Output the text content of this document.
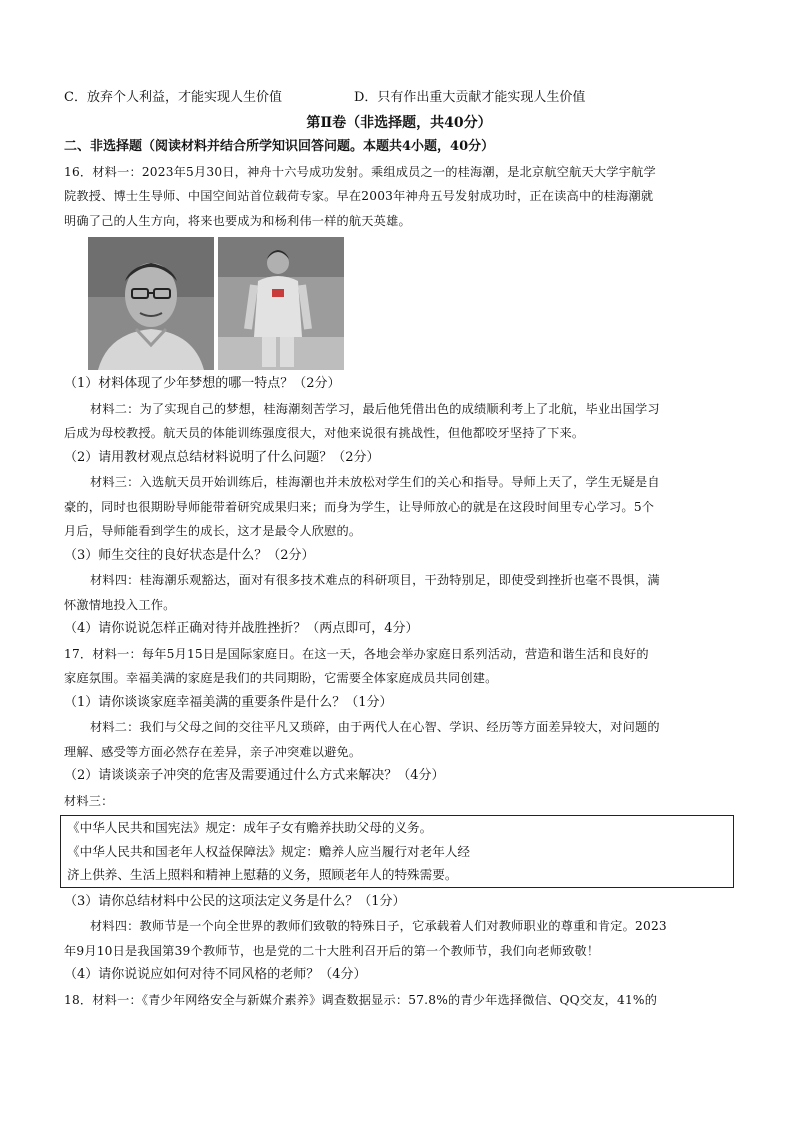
C．放弃个人利益，才能实现人生价值	D．只有作出重大贡献才能实现人生价值
第Ⅱ卷（非选择题，共40分）
二、非选择题（阅读材料并结合所学知识回答问题。本题共4小题，40分）
16．材料一：2023年5月30日，神舟十六号成功发射。乘组成员之一的桂海潮，是北京航空航天大学宇航学
院教授、博士生导师、中国空间站首位载荷专家。早在2003年神舟五号发射成功时，正在读高中的桂海潮就
明确了己的人生方向，将来也要成为和杨利伟一样的航天英雄。
（1）材料体现了少年梦想的哪一特点？（2分）
材料二：为了实现自己的梦想，桂海潮刻苦学习，最后他凭借出色的成绩顺利考上了北航，毕业出国学习
后成为母校教授。航天员的体能训练强度很大，对他来说很有挑战性，但他都咬牙坚持了下来。
（2）请用教材观点总结材料说明了什么问题？（2分）
材料三：入选航天员开始训练后，桂海潮也并未放松对学生们的关心和指导。导师上天了，学生无疑是自
豪的，同时也很期盼导师能带着研究成果归来；而身为学生，让导师放心的就是在这段时间里专心学习。5个
月后，导师能看到学生的成长，这才是最令人欣慰的。
（3）师生交往的良好状态是什么？（2分）
材料四：桂海潮乐观豁达，面对有很多技术难点的科研项目，干劲特别足，即使受到挫折也毫不畏惧，满
怀激情地投入工作。
（4）请你说说怎样正确对待并战胜挫折？（两点即可，4分）
17．材料一：每年5月15日是国际家庭日。在这一天，各地会举办家庭日系列活动，营造和谐生活和良好的
家庭氛围。幸福美满的家庭是我们的共同期盼，它需要全体家庭成员共同创建。
（1）请你谈谈家庭幸福美满的重要条件是什么？（1分）
材料二：我们与父母之间的交往平凡又琐碎，由于两代人在心智、学识、经历等方面差异较大，对问题的
理解、感受等方面必然存在差异，亲子冲突难以避免。
（2）请谈谈亲子冲突的危害及需要通过什么方式来解决？（4分）
材料三：
《中华人民共和国宪法》规定：成年子女有赡养扶助父母的义务。
《中华人民共和国老年人权益保障法》规定：赡养人应当履行对老年人经
济上供养、生活上照料和精神上慰藉的义务，照顾老年人的特殊需要。
（3）请你总结材料中公民的这项法定义务是什么？（1分）
材料四：教师节是一个向全世界的教师们致敬的特殊日子，它承载着人们对教师职业的尊重和肯定。2023
年9月10日是我国第39个教师节，也是党的二十大胜利召开后的第一个教师节，我们向老师致敬！
（4）请你说说应如何对待不同风格的老师？（4分）
18．材料一：《青少年网络安全与新媒介素养》调查数据显示：57.8%的青少年选择微信、QQ交友，41%的
